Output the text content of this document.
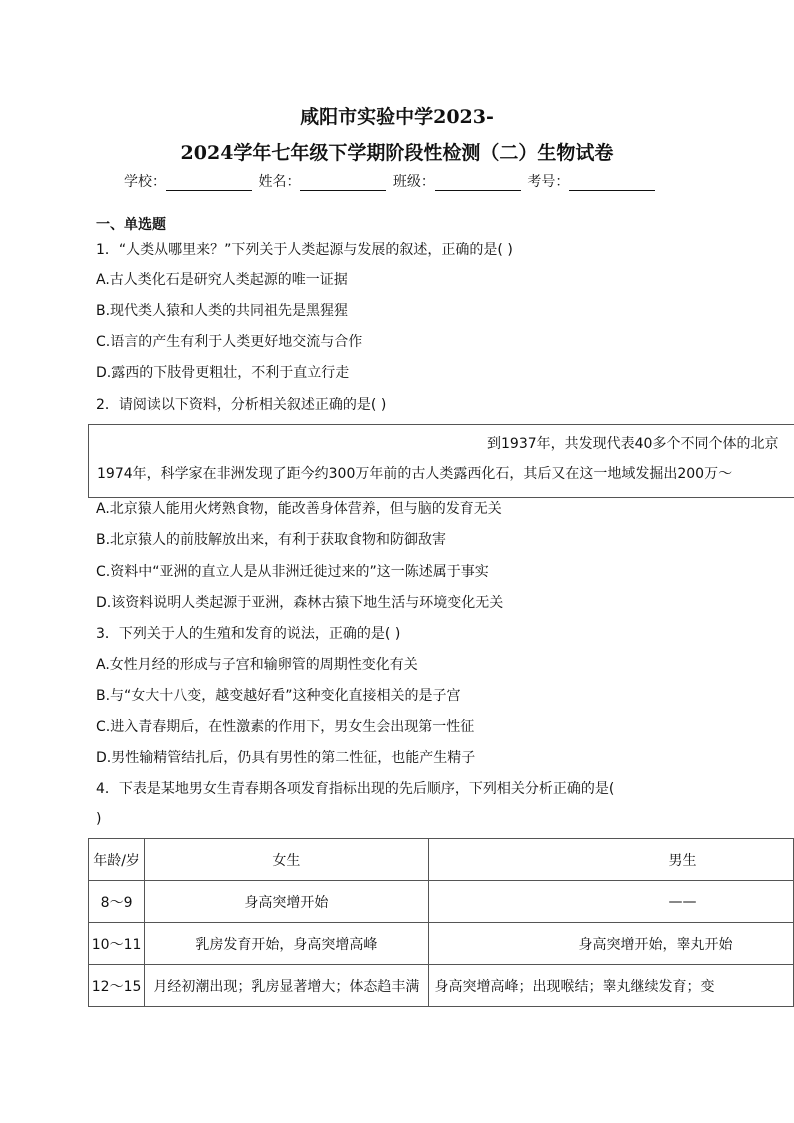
咸阳市实验中学2023-
2024学年七年级下学期阶段性检测（二）生物试卷
学校：	姓名：	班级：	考号：
一、单选题
1．“人类从哪里来？”下列关于人类起源与发展的叙述，正确的是( )
A.古人类化石是研究人类起源的唯一证据
B.现代类人猿和人类的共同祖先是黑猩猩
C.语言的产生有利于人类更好地交流与合作
D.露西的下肢骨更粗壮，不利于直立行走
2．请阅读以下资料，分析相关叙述正确的是( )
到1937年，共发现代表40多个不同个体的北京
1974年，科学家在非洲发现了距今约300万年前的古人类露西化石，其后又在这一地域发掘出200万～
A.北京猿人能用火烤熟食物，能改善身体营养，但与脑的发育无关
B.北京猿人的前肢解放出来，有利于获取食物和防御敌害
C.资料中“亚洲的直立人是从非洲迁徙过来的”这一陈述属于事实
D.该资料说明人类起源于亚洲，森林古猿下地生活与环境变化无关
3．下列关于人的生殖和发育的说法，正确的是( )
A.女性月经的形成与子宫和输卵管的周期性变化有关
B.与“女大十八变，越变越好看”这种变化直接相关的是子宫
C.进入青春期后，在性激素的作用下，男女生会出现第一性征
D.男性输精管结扎后，仍具有男性的第二性征，也能产生精子
4．下表是某地男女生青春期各项发育指标出现的先后顺序，下列相关分析正确的是(
)
年龄/岁	女生	男生
8～9	身高突增开始	——
10～11	乳房发育开始，身高突增高峰	身高突增开始，睾丸开始
12～15	月经初潮出现；乳房显著增大；体态趋丰满	身高突增高峰；出现喉结；睾丸继续发育；变
